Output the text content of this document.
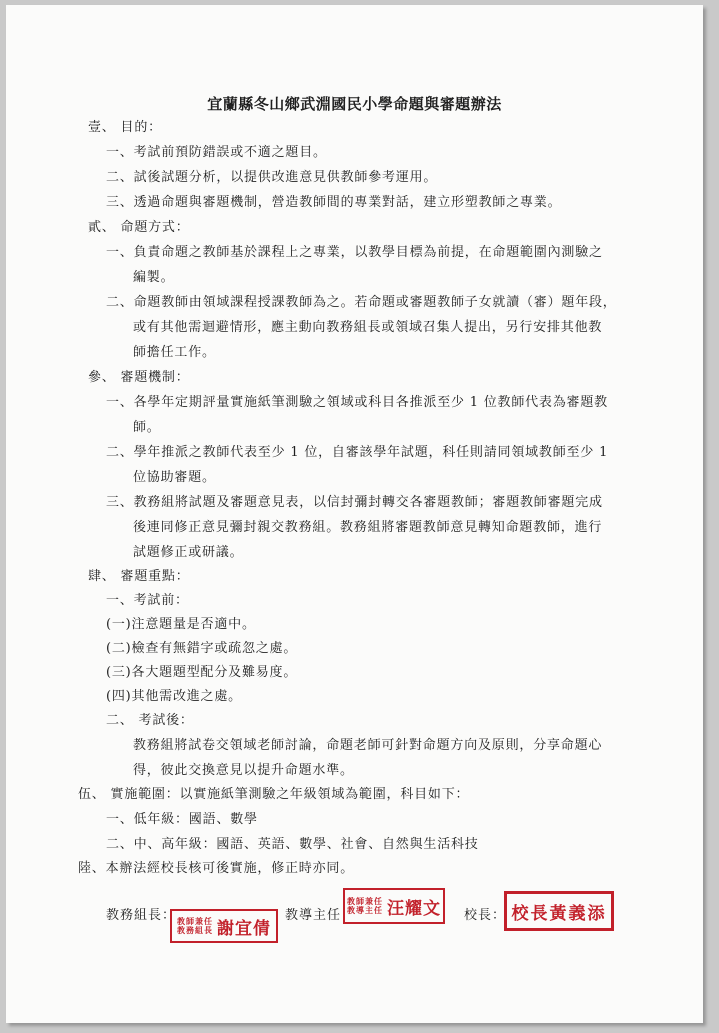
宜蘭縣冬山鄉武淵國民小學命題與審題辦法
壹、 目的：
一、考試前預防錯誤或不適之題目。
二、試後試題分析，以提供改進意見供教師參考運用。
三、透過命題與審題機制，營造教師間的專業對話，建立形塑教師之專業。
貳、 命題方式：
一、負責命題之教師基於課程上之專業，以教學目標為前提，在命題範圍內測驗之
編製。
二、命題教師由領域課程授課教師為之。若命題或審題教師子女就讀（審）題年段，
或有其他需迴避情形，應主動向教務組長或領域召集人提出，另行安排其他教
師擔任工作。
參、 審題機制：
一、各學年定期評量實施紙筆測驗之領域或科目各推派至少 1 位教師代表為審題教
師。
二、學年推派之教師代表至少 1 位，自審該學年試題，科任則請同領域教師至少 1
位協助審題。
三、教務組將試題及審題意見表，以信封彌封轉交各審題教師；審題教師審題完成
後連同修正意見彌封親交教務組。教務組將審題教師意見轉知命題教師，進行
試題修正或研議。
肆、 審題重點：
一、考試前：
(一)注意題量是否適中。
(二)檢查有無錯字或疏忽之處。
(三)各大題題型配分及難易度。
(四)其他需改進之處。
二、 考試後：
教務組將試卷交領域老師討論，命題老師可針對命題方向及原則，分享命題心
得，彼此交換意見以提升命題水準。
伍、 實施範圍：以實施紙筆測驗之年級領域為範圍，科目如下：
一、低年級：國語、數學
二、中、高年級：國語、英語、數學、社會、自然與生活科技
陸、本辦法經校長核可後實施，修正時亦同。
教務組長： 教師兼任
教務組長 謝宜倩
教導主任
教師兼任
教導主任 汪耀文 校長： 校長黃義添
